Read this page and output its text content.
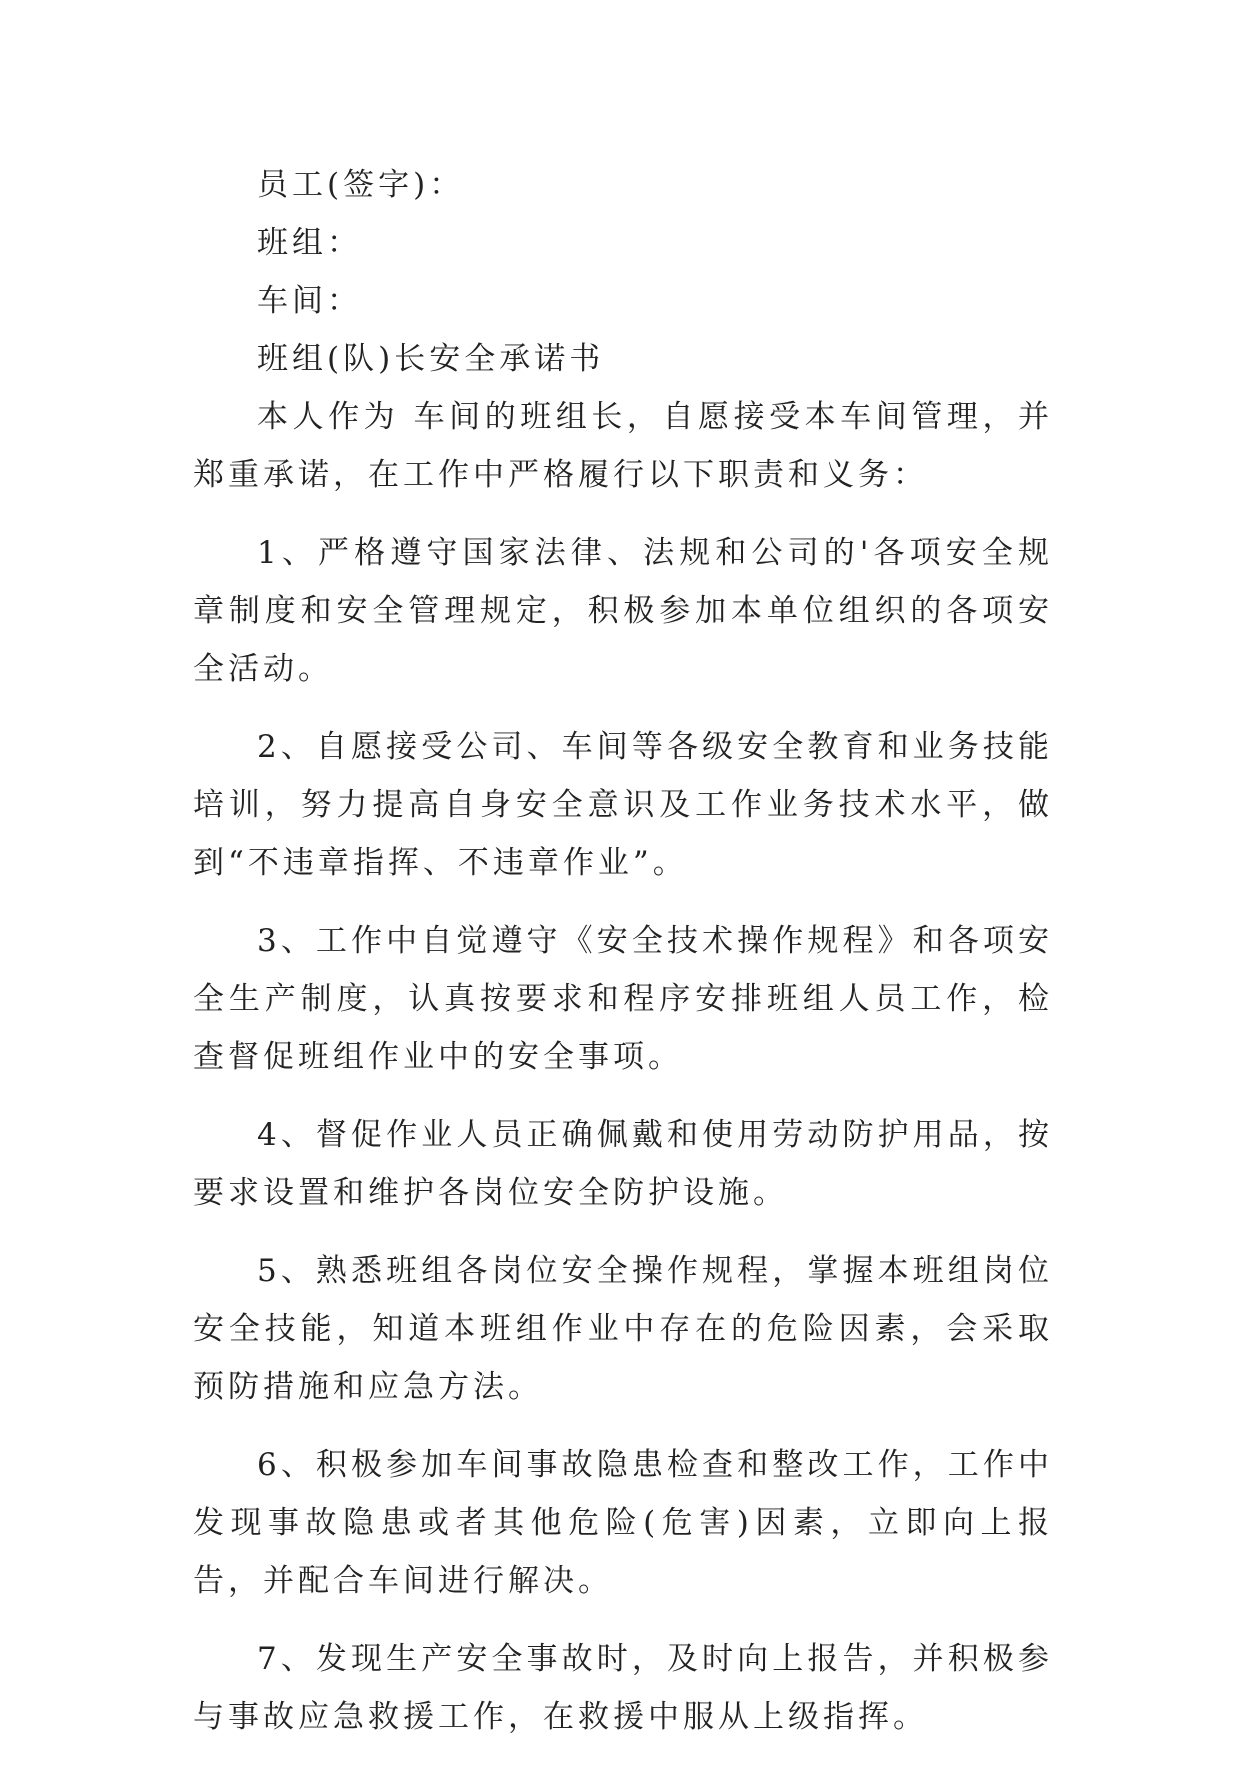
员工(签字)：

班组：

车间：

班组(队)长安全承诺书

本人作为 车间的班组长，自愿接受本车间管理，并郑重承诺，在工作中严格履行以下职责和义务：

1、严格遵守国家法律、法规和公司的'各项安全规章制度和安全管理规定，积极参加本单位组织的各项安全活动。

2、自愿接受公司、车间等各级安全教育和业务技能培训，努力提高自身安全意识及工作业务技术水平，做到“不违章指挥、不违章作业”。

3、工作中自觉遵守《安全技术操作规程》和各项安全生产制度，认真按要求和程序安排班组人员工作，检查督促班组作业中的安全事项。

4、督促作业人员正确佩戴和使用劳动防护用品，按要求设置和维护各岗位安全防护设施。

5、熟悉班组各岗位安全操作规程，掌握本班组岗位安全技能，知道本班组作业中存在的危险因素，会采取预防措施和应急方法。

6、积极参加车间事故隐患检查和整改工作，工作中发现事故隐患或者其他危险(危害)因素，立即向上报告，并配合车间进行解决。

7、发现生产安全事故时，及时向上报告，并积极参与事故应急救援工作，在救援中服从上级指挥。
